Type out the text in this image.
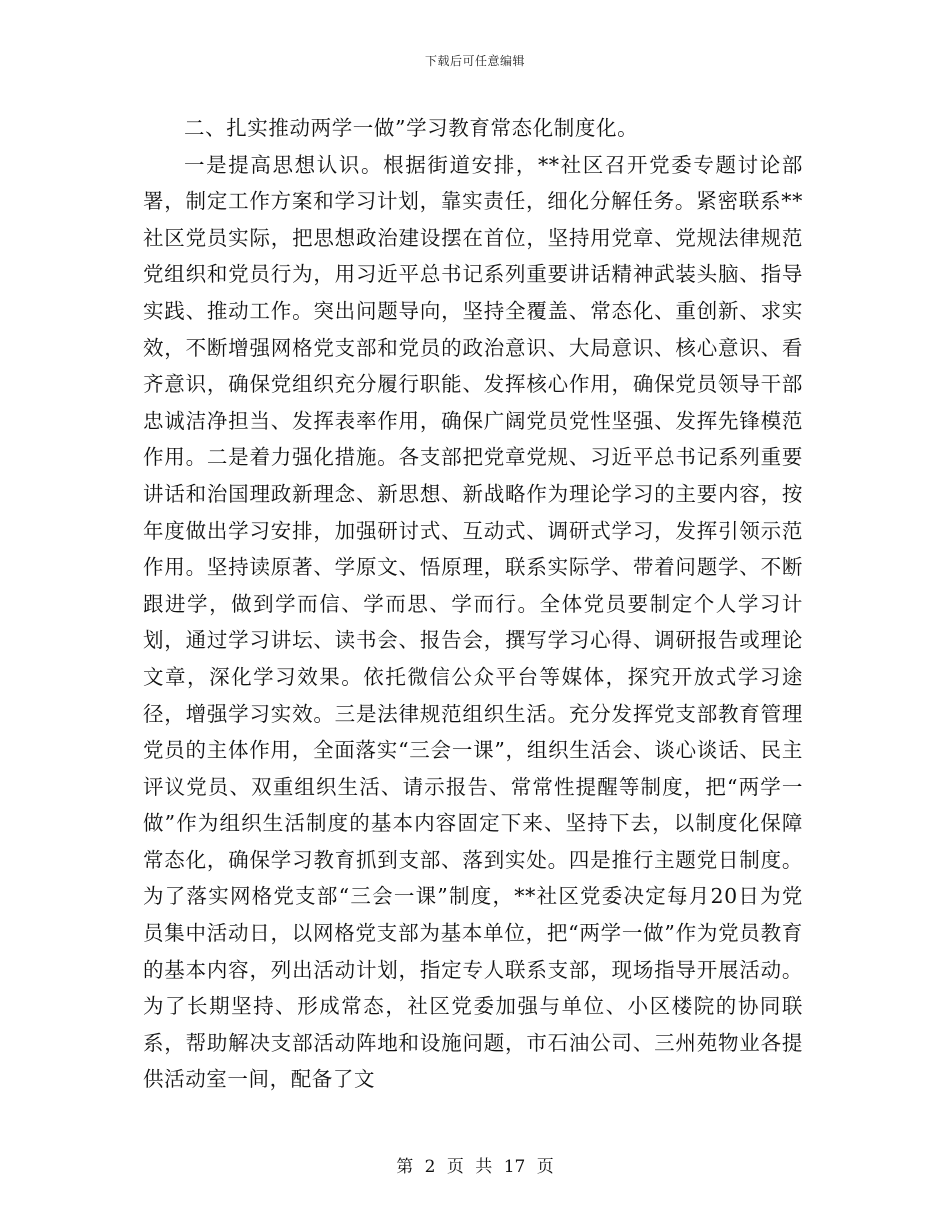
下载后可任意编辑

二、扎实推动两学一做”学习教育常态化制度化。

一是提高思想认识。根据街道安排，**社区召开党委专题讨论部署，制定工作方案和学习计划，靠实责任，细化分解任务。紧密联系**社区党员实际，把思想政治建设摆在首位，坚持用党章、党规法律规范党组织和党员行为，用习近平总书记系列重要讲话精神武装头脑、指导实践、推动工作。突出问题导向，坚持全覆盖、常态化、重创新、求实效，不断增强网格党支部和党员的政治意识、大局意识、核心意识、看齐意识，确保党组织充分履行职能、发挥核心作用，确保党员领导干部忠诚洁净担当、发挥表率作用，确保广阔党员党性坚强、发挥先锋模范作用。二是着力强化措施。各支部把党章党规、习近平总书记系列重要讲话和治国理政新理念、新思想、新战略作为理论学习的主要内容，按年度做出学习安排，加强研讨式、互动式、调研式学习，发挥引领示范作用。坚持读原著、学原文、悟原理，联系实际学、带着问题学、不断跟进学，做到学而信、学而思、学而行。全体党员要制定个人学习计划，通过学习讲坛、读书会、报告会，撰写学习心得、调研报告或理论文章，深化学习效果。依托微信公众平台等媒体，探究开放式学习途径，增强学习实效。三是法律规范组织生活。充分发挥党支部教育管理党员的主体作用，全面落实“三会一课”，组织生活会、谈心谈话、民主评议党员、双重组织生活、请示报告、常常性提醒等制度，把“两学一做”作为组织生活制度的基本内容固定下来、坚持下去，以制度化保障常态化，确保学习教育抓到支部、落到实处。四是推行主题党日制度。为了落实网格党支部“三会一课”制度，**社区党委决定每月20日为党员集中活动日，以网格党支部为基本单位，把“两学一做”作为党员教育的基本内容，列出活动计划，指定专人联系支部，现场指导开展活动。为了长期坚持、形成常态，社区党委加强与单位、小区楼院的协同联系，帮助解决支部活动阵地和设施问题，市石油公司、三州苑物业各提供活动室一间，配备了文

第 2 页 共 17 页
